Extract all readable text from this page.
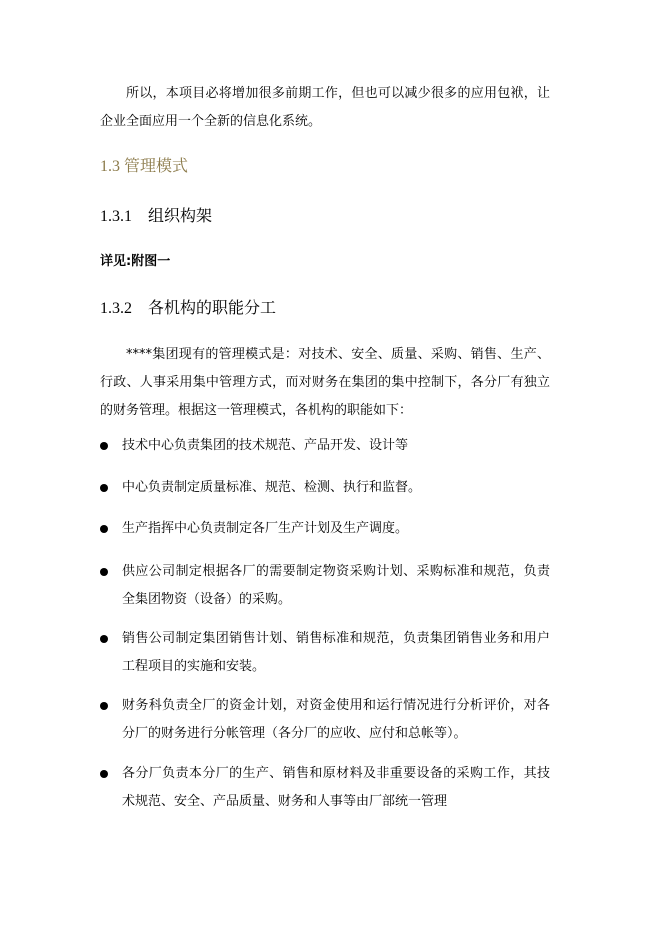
所以，本项目必将增加很多前期工作，但也可以减少很多的应用包袱，让企业全面应用一个全新的信息化系统。

1.3 管理模式
1.3.1 组织构架
详见:附图一
1.3.2 各机构的职能分工

****集团现有的管理模式是：对技术、安全、质量、采购、销售、生产、行政、人事采用集中管理方式，而对财务在集团的集中控制下，各分厂有独立的财务管理。根据这一管理模式，各机构的职能如下：

技术中心负责集团的技术规范、产品开发、设计等
中心负责制定质量标准、规范、检测、执行和监督。
生产指挥中心负责制定各厂生产计划及生产调度。
供应公司制定根据各厂的需要制定物资采购计划、采购标准和规范，负责全集团物资（设备）的采购。
销售公司制定集团销售计划、销售标准和规范，负责集团销售业务和用户工程项目的实施和安装。
财务科负责全厂的资金计划，对资金使用和运行情况进行分析评价，对各分厂的财务进行分帐管理（各分厂的应收、应付和总帐等）。
各分厂负责本分厂的生产、销售和原材料及非重要设备的采购工作，其技术规范、安全、产品质量、财务和人事等由厂部统一管理
